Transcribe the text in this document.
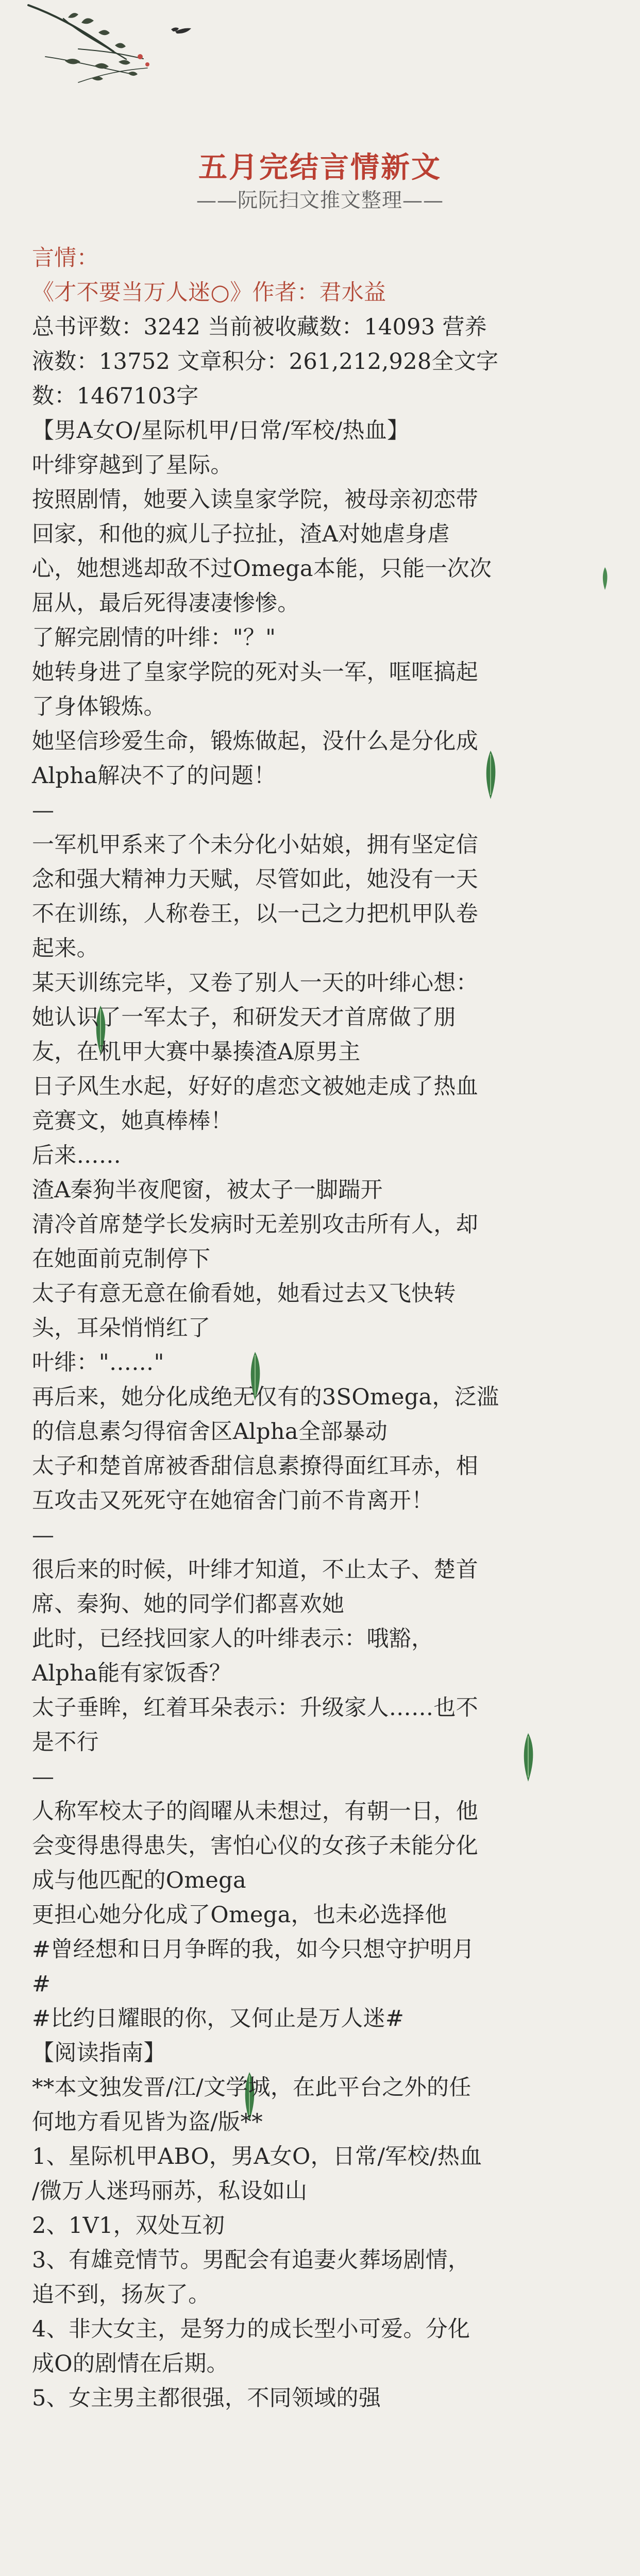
五月完结言情新文
——阮阮扫文推文整理——
言情：
《才不要当万人迷○》作者：君水益
总书评数：3242 当前被收藏数：14093 营养
液数：13752 文章积分：261,212,928全文字
数：1467103字
【男A女O/星际机甲/日常/军校/热血】
叶绯穿越到了星际。
按照剧情，她要入读皇家学院，被母亲初恋带
回家，和他的疯儿子拉扯，渣A对她虐身虐
心，她想逃却敌不过Omega本能，只能一次次
屈从，最后死得凄凄惨惨。
了解完剧情的叶绯："？"
她转身进了皇家学院的死对头一军，哐哐搞起
了身体锻炼。
她坚信珍爱生命，锻炼做起，没什么是分化成
Alpha解决不了的问题！
—
一军机甲系来了个未分化小姑娘，拥有坚定信
念和强大精神力天赋，尽管如此，她没有一天
不在训练，人称卷王，以一己之力把机甲队卷
起来。
某天训练完毕，又卷了别人一天的叶绯心想：
她认识了一军太子，和研发天才首席做了朋
友，在机甲大赛中暴揍渣A原男主
日子风生水起，好好的虐恋文被她走成了热血
竞赛文，她真棒棒！
后来……
渣A秦狗半夜爬窗，被太子一脚踹开
清冷首席楚学长发病时无差别攻击所有人，却
在她面前克制停下
太子有意无意在偷看她，她看过去又飞快转
头，耳朵悄悄红了
叶绯："……"
再后来，她分化成绝无仅有的3SOmega，泛滥
的信息素匀得宿舍区Alpha全部暴动
太子和楚首席被香甜信息素撩得面红耳赤，相
互攻击又死死守在她宿舍门前不肯离开！
—
很后来的时候，叶绯才知道，不止太子、楚首
席、秦狗、她的同学们都喜欢她
此时，已经找回家人的叶绯表示：哦豁，
Alpha能有家饭香？
太子垂眸，红着耳朵表示：升级家人……也不
是不行
—
人称军校太子的阎曜从未想过，有朝一日，他
会变得患得患失，害怕心仪的女孩子未能分化
成与他匹配的Omega
更担心她分化成了Omega，也未必选择他
#曾经想和日月争晖的我，如今只想守护明月
#
#比约日耀眼的你，又何止是万人迷#
【阅读指南】
**本文独发晋/江/文学城，在此平台之外的任
何地方看见皆为盗/版**
1、星际机甲ABO，男A女O，日常/军校/热血
/微万人迷玛丽苏，私设如山
2、1V1，双处互初
3、有雄竞情节。男配会有追妻火葬场剧情，
追不到，扬灰了。
4、非大女主，是努力的成长型小可爱。分化
成O的剧情在后期。
5、女主男主都很强，不同领域的强
